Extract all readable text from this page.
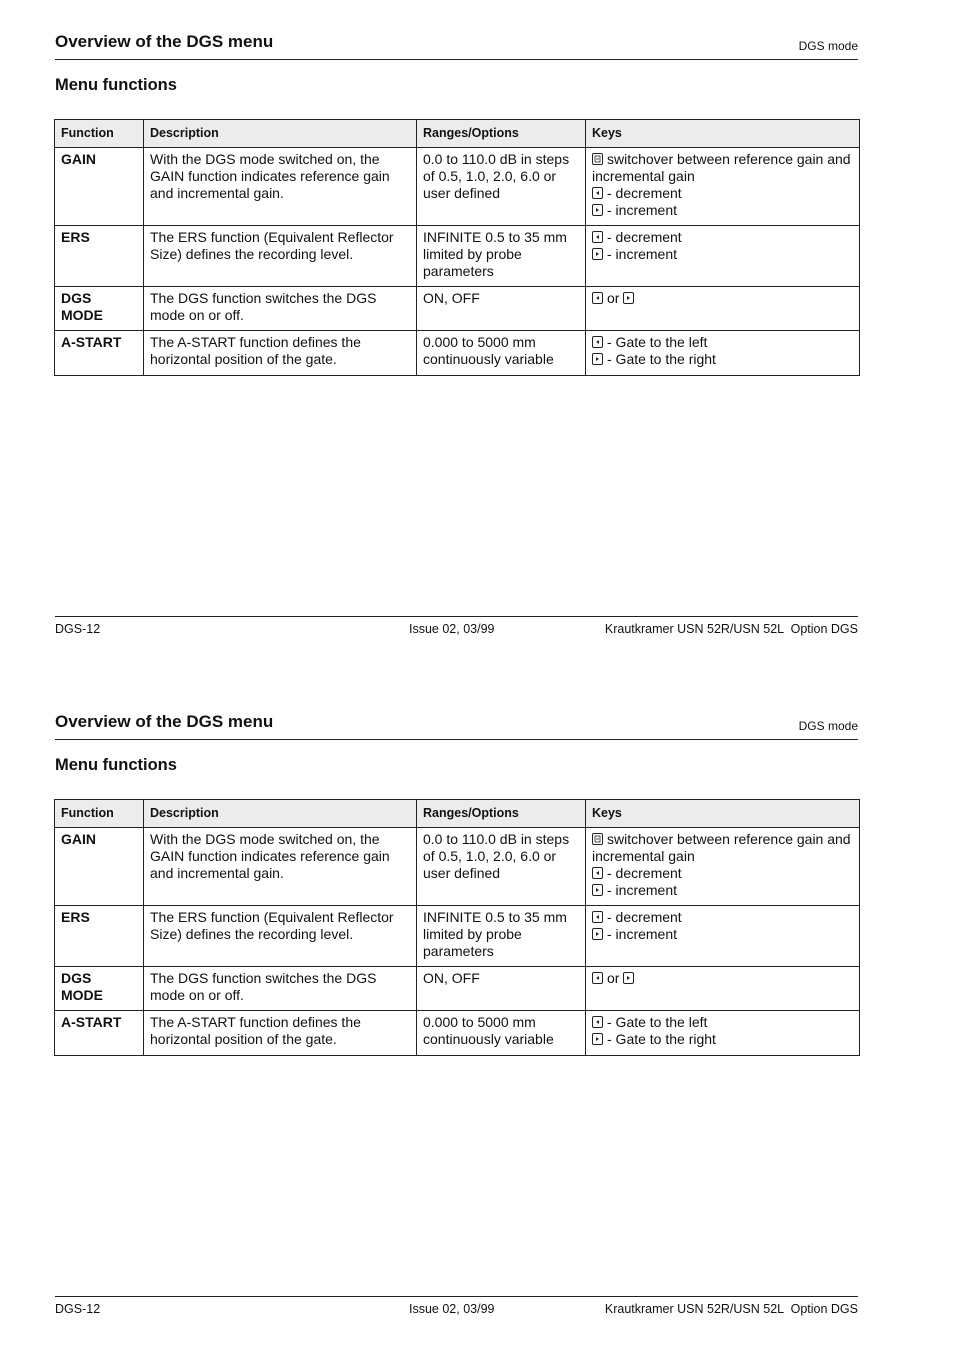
Overview of the DGS menu	DGS mode
Menu functions
Function	Description	Ranges/Options	Keys
GAIN	With the DGS mode switched on, the GAIN function indicates reference gain and incremental gain.	0.0 to 110.0 dB in steps of 0.5, 1.0, 2.0, 6.0 or user defined	switchover between reference gain and incremental gain
- decrement
- increment

ERS	The ERS function (Equivalent Reflector Size) defines the recording level.	INFINITE 0.5 to 35 mm limited by probe parameters	- decrement
- increment

DGS MODE	The DGS function switches the DGS mode on or off.	ON, OFF	or

A-START	The A-START function defines the horizontal position of the gate.	0.000 to 5000 mm continuously variable	- Gate to the left
- Gate to the right
DGS-12	Issue 02, 03/99	Krautkramer USN 52R/USN 52L  Option DGS
Overview of the DGS menu	DGS mode
Menu functions
Function	Description	Ranges/Options	Keys
GAIN	With the DGS mode switched on, the GAIN function indicates reference gain and incremental gain.	0.0 to 110.0 dB in steps of 0.5, 1.0, 2.0, 6.0 or user defined	switchover between reference gain and incremental gain
- decrement
- increment

ERS	The ERS function (Equivalent Reflector Size) defines the recording level.	INFINITE 0.5 to 35 mm limited by probe parameters	- decrement
- increment

DGS MODE	The DGS function switches the DGS mode on or off.	ON, OFF	or

A-START	The A-START function defines the horizontal position of the gate.	0.000 to 5000 mm continuously variable	- Gate to the left
- Gate to the right
DGS-12	Issue 02, 03/99	Krautkramer USN 52R/USN 52L  Option DGS
